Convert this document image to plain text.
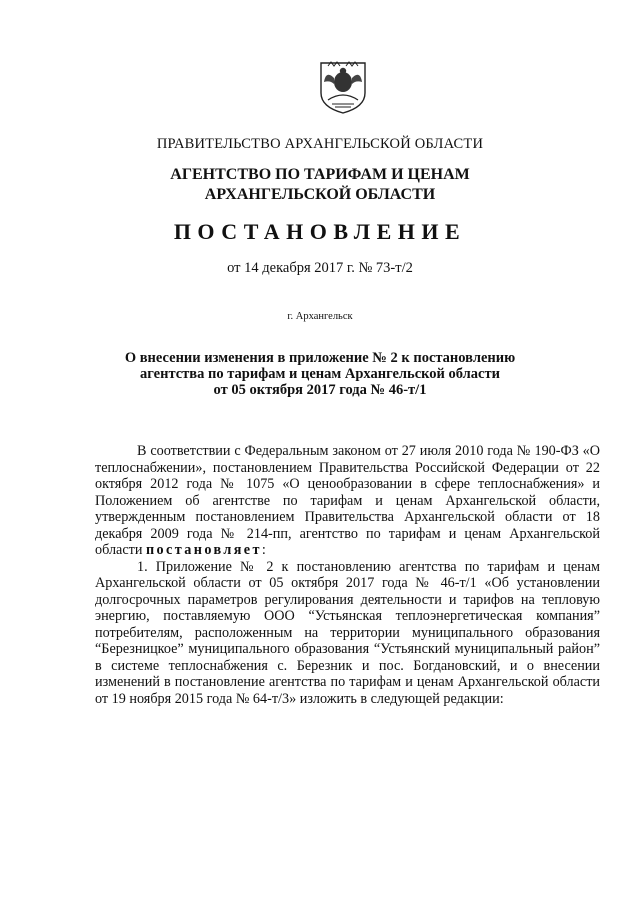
ПРАВИТЕЛЬСТВО АРХАНГЕЛЬСКОЙ ОБЛАСТИ
АГЕНТСТВО ПО ТАРИФАМ И ЦЕНАМ
АРХАНГЕЛЬСКОЙ ОБЛАСТИ
ПОСТАНОВЛЕНИЕ
от 14 декабря 2017 г. № 73-т/2
г. Архангельск
О внесении изменения в приложение № 2 к постановлению
агентства по тарифам и ценам Архангельской области
от 05 октября 2017 года № 46-т/1

В соответствии с Федеральным законом от 27 июля 2010 года № 190-ФЗ «О теплоснабжении», постановлением Правительства Российской Федерации от 22 октября 2012 года № 1075 «О ценообразовании в сфере теплоснабжения» и Положением об агентстве по тарифам и ценам Архангельской области, утвержденным постановлением Правительства Архангельской области от 18 декабря 2009 года № 214-пп, агентство по тарифам и ценам Архангельской области постановляет:

1. Приложение № 2 к постановлению агентства по тарифам и ценам Архангельской области от 05 октября 2017 года № 46-т/1 «Об установлении долгосрочных параметров регулирования деятельности и тарифов на тепловую энергию, поставляемую ООО “Устьянская теплоэнергетическая компания” потребителям, расположенным на территории муниципального образования “Березницкое” муниципального образования “Устьянский муниципальный район” в системе теплоснабжения с. Березник и пос. Богдановский, и о внесении изменений в постановление агентства по тарифам и ценам Архангельской области от 19 ноября 2015 года № 64-т/3» изложить в следующей редакции:
